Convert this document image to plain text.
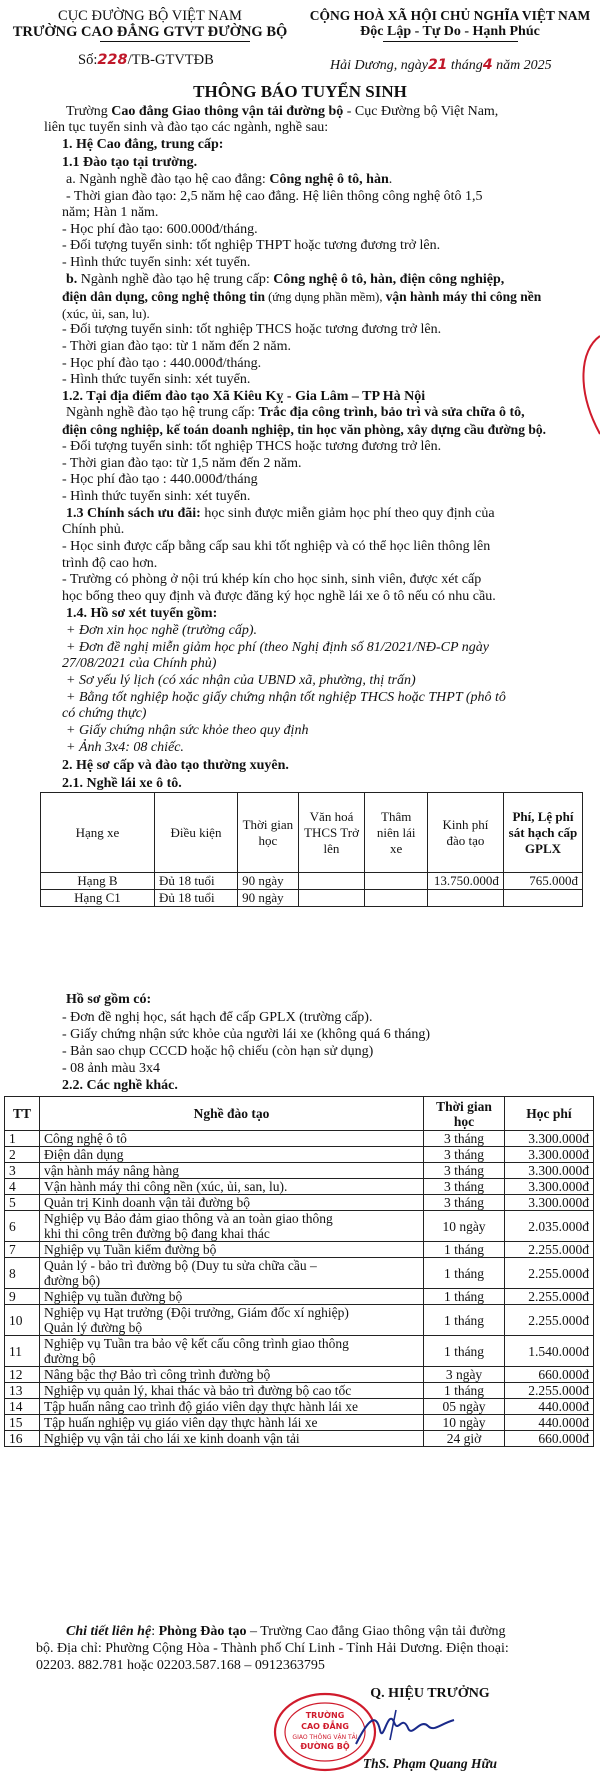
CỤC ĐƯỜNG BỘ VIỆT NAM
TRƯỜNG CAO ĐẲNG GTVT ĐƯỜNG BỘ
Số:228/TB-GTVTĐB
CỘNG HOÀ XÃ HỘI CHỦ NGHĨA VIỆT NAM
Độc Lập - Tự Do - Hạnh Phúc
Hải Dương, ngày21 tháng4 năm 2025
THÔNG BÁO TUYỂN SINH
Trường Cao đẳng Giao thông vận tải đường bộ - Cục Đường bộ Việt Nam,
liên tục tuyển sinh và đào tạo các ngành, nghề sau:
1. Hệ Cao đẳng, trung cấp:
1.1 Đào tạo tại trường.
a. Ngành nghề đào tạo hệ cao đẳng: Công nghệ ô tô, hàn.
- Thời gian đào tạo: 2,5 năm hệ cao đẳng. Hệ liên thông công nghệ ôtô 1,5
năm; Hàn 1 năm.
- Học phí đào tạo: 600.000đ/tháng.
- Đối tượng tuyển sinh: tốt nghiệp THPT hoặc tương đương trở lên.
- Hình thức tuyển sinh: xét tuyển.
b. Ngành nghề đào tạo hệ trung cấp: Công nghệ ô tô, hàn, điện công nghiệp,
điện dân dụng, công nghệ thông tin (ứng dụng phần mềm), vận hành máy thi công nền
(xúc, ủi, san, lu).
- Đối tượng tuyển sinh: tốt nghiệp THCS hoặc tương đương trở lên.
- Thời gian đào tạo: từ 1 năm đến 2 năm.
- Học phí đào tạo : 440.000đ/tháng.
- Hình thức tuyển sinh: xét tuyển.
1.2. Tại địa điểm đào tạo Xã Kiêu Kỵ - Gia Lâm – TP Hà Nội
Ngành nghề đào tạo hệ trung cấp: Trắc địa công trình, bảo trì và sửa chữa ô tô,
điện công nghiệp, kế toán doanh nghiệp, tin học văn phòng, xây dựng cầu đường bộ.
- Đối tượng tuyển sinh: tốt nghiệp THCS hoặc tương đương trở lên.
- Thời gian đào tạo: từ 1,5 năm đến 2 năm.
- Học phí đào tạo : 440.000đ/tháng
- Hình thức tuyển sinh: xét tuyển.
1.3 Chính sách ưu đãi: học sinh được miễn giảm học phí theo quy định của
Chính phủ.
- Học sinh được cấp bằng cấp sau khi tốt nghiệp và có thể học liên thông lên
trình độ cao hơn.
- Trường có phòng ở nội trú khép kín cho học sinh, sinh viên, được xét cấp
học bổng theo quy định và được đăng ký học nghề lái xe ô tô nếu có nhu cầu.
1.4. Hồ sơ xét tuyển gồm:
+ Đơn xin học nghề (trường cấp).
+ Đơn đề nghị miễn giảm học phí (theo Nghị định số 81/2021/NĐ-CP ngày
27/08/2021 của Chính phủ)
+ Sơ yếu lý lịch (có xác nhận của UBND xã, phường, thị trấn)
+ Bằng tốt nghiệp hoặc giấy chứng nhận tốt nghiệp THCS hoặc THPT (phô tô
có chứng thực)
+ Giấy chứng nhận sức khỏe theo quy định
+ Ảnh 3x4: 08 chiếc.
2. Hệ sơ cấp và đào tạo thường xuyên.
2.1. Nghề lái xe ô tô.
Hạng xe	Điều kiện	Thời gian học	Văn hoá THCS Trở lên	Thâm niên lái xe	Kinh phí đào tạo	Phí, Lệ phí sát hạch cấp GPLX
Hạng B	Đủ 18 tuổi	90 ngày			13.750.000đ	765.000đ
Hạng C1	Đủ 18 tuổi	90 ngày				
Hồ sơ gồm có:
- Đơn đề nghị học, sát hạch để cấp GPLX (trường cấp).
- Giấy chứng nhận sức khỏe của người lái xe (không quá 6 tháng)
- Bản sao chụp CCCD hoặc hộ chiếu (còn hạn sử dụng)
- 08 ảnh màu 3x4
2.2. Các nghề khác.
TT	Nghề đào tạo	Thời gian học	Học phí
1	Công nghệ ô tô	3 tháng	3.300.000đ
2	Điện dân dụng	3 tháng	3.300.000đ
3	vận hành máy nâng hàng	3 tháng	3.300.000đ
4	Vận hành máy thi công nền (xúc, ủi, san, lu).	3 tháng	3.300.000đ
5	Quản trị Kinh doanh vận tải đường bộ	3 tháng	3.300.000đ
6	Nghiệp vụ Bảo đảm giao thông và an toàn giao thông
khi thi công trên đường bộ đang khai thác	10 ngày	2.035.000đ
7	Nghiệp vụ Tuần kiểm đường bộ	1 tháng	2.255.000đ
8	Quản lý - bảo trì đường bộ (Duy tu sửa chữa cầu –
đường bộ)	1 tháng	2.255.000đ
9	Nghiệp vụ tuần đường bộ	1 tháng	2.255.000đ
10	Nghiệp vụ Hạt trưởng (Đội trưởng, Giám đốc xí nghiệp)
Quản lý đường bộ	1 tháng	2.255.000đ
11	Nghiệp vụ Tuần tra bảo vệ kết cấu công trình giao thông
đường bộ	1 tháng	1.540.000đ
12	Nâng bậc thợ Bảo trì công trình đường bộ	3 ngày	660.000đ
13	Nghiệp vụ quản lý, khai thác và bảo trì đường bộ cao tốc	1 tháng	2.255.000đ
14	Tập huấn nâng cao trình độ giáo viên dạy thực hành lái xe	05 ngày	440.000đ
15	Tập huấn nghiệp vụ giáo viên dạy thực hành lái xe	10 ngày	440.000đ
16	Nghiệp vụ vận tải cho lái xe kinh doanh vận tải	24 giờ	660.000đ
Chi tiết liên hệ: Phòng Đào tạo – Trường Cao đẳng Giao thông vận tải đường
bộ. Địa chỉ: Phường Cộng Hòa - Thành phố Chí Linh - Tỉnh Hải Dương. Điện thoại:
02203. 882.781 hoặc 02203.587.168 – 0912363795
Q. HIỆU TRƯỞNG
TRƯỜNG
CAO ĐẲNG
GIAO THÔNG VẬN TẢI
ĐƯỜNG BỘ
ThS. Phạm Quang Hữu
